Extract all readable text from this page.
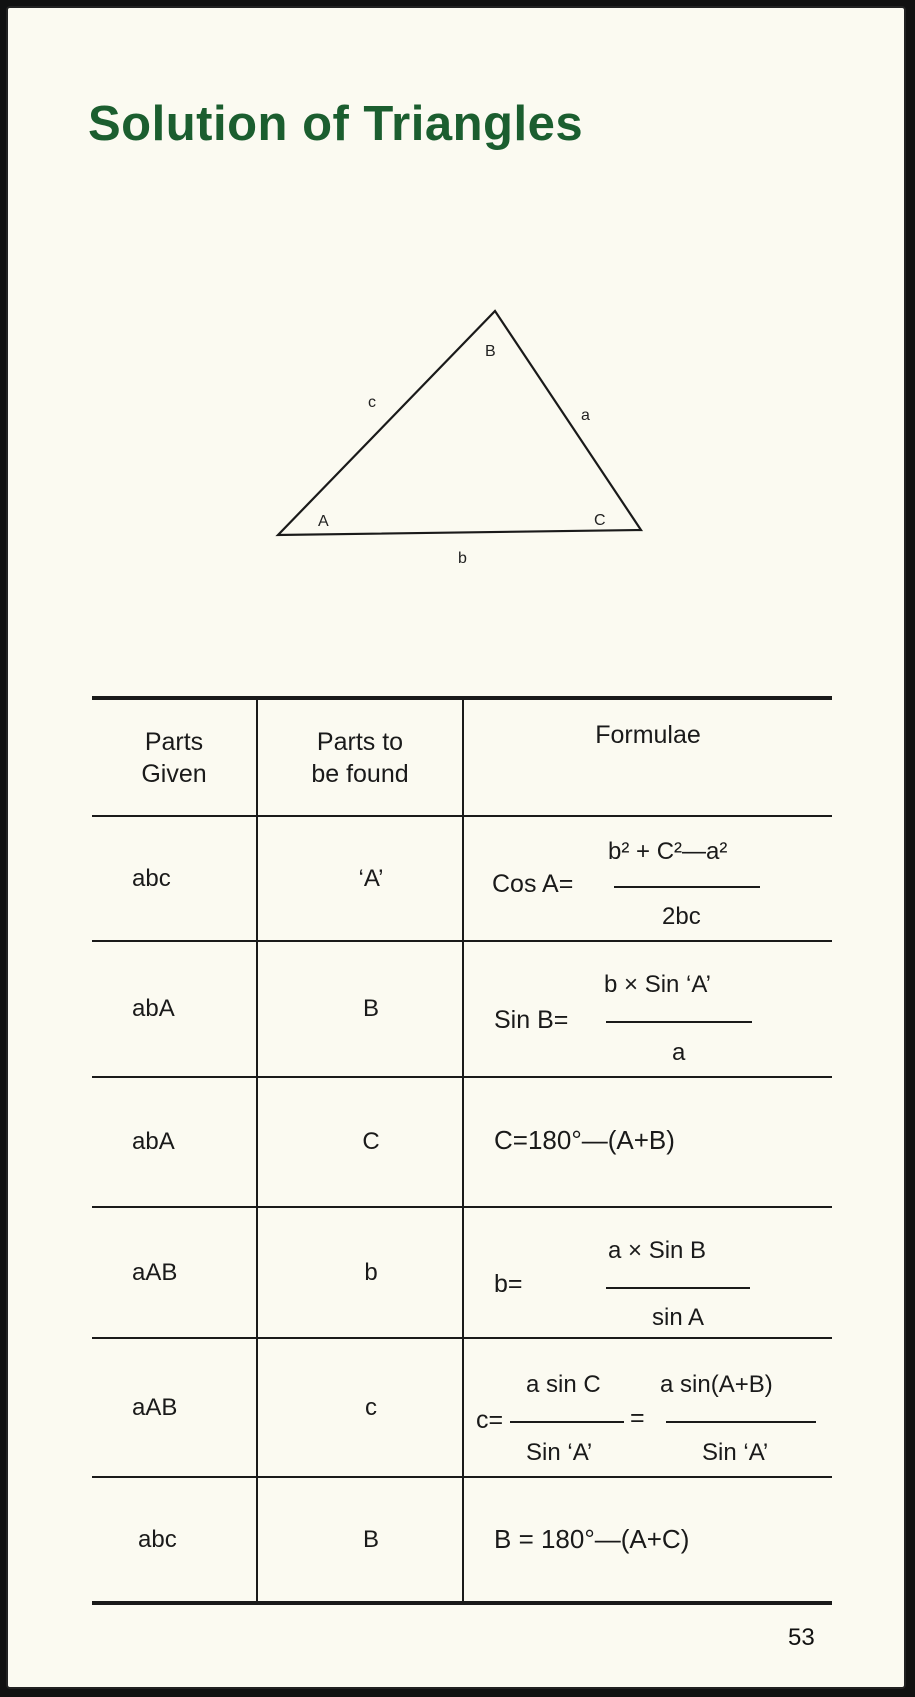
Solution of Triangles
B
A	C
c
a
b
Parts
Given
Parts to
be found
Formulae
abc	‘A’	Cos A=
b² + C²—a²
2bc
abA	B	Sin B=
b × Sin ‘A’
a
abA	C	C=180°—(A+B)
aAB	b	b=
a × Sin B
sin A
aAB	c	c=
a sin C
Sin ‘A’
=
a sin(A+B)
Sin ‘A’
abc	B	B = 180°—(A+C)
53
